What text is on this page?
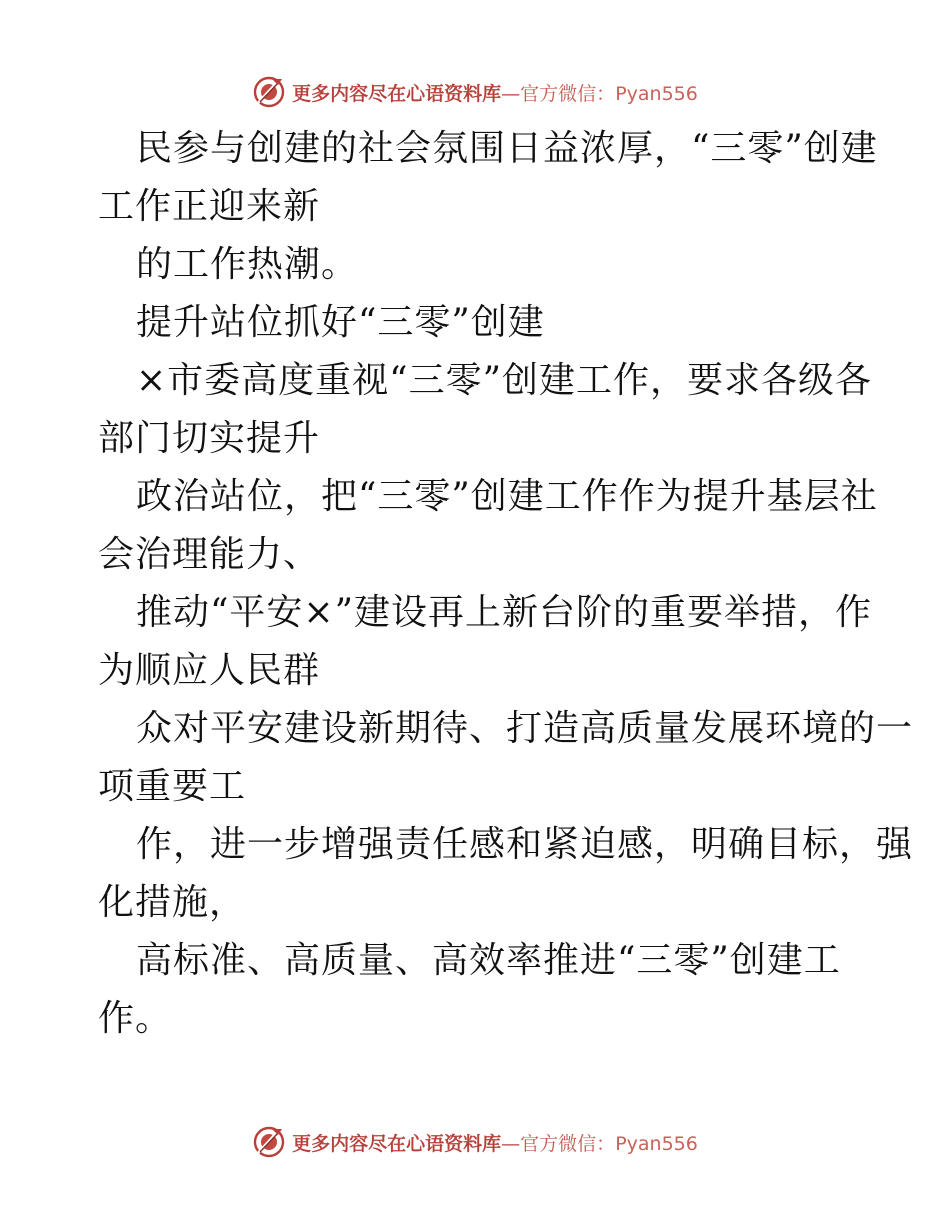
更多内容尽在心语资料库—官方微信：Pyan556
民参与创建的社会氛围日益浓厚，“三零”创建
工作正迎来新
的工作热潮。
提升站位抓好“三零”创建
×市委高度重视“三零”创建工作，要求各级各
部门切实提升
政治站位，把“三零”创建工作作为提升基层社
会治理能力、
推动“平安×”建设再上新台阶的重要举措，作
为顺应人民群
众对平安建设新期待、打造高质量发展环境的一
项重要工
作，进一步增强责任感和紧迫感，明确目标，强
化措施，
高标准、高质量、高效率推进“三零”创建工
作。
更多内容尽在心语资料库—官方微信：Pyan556
